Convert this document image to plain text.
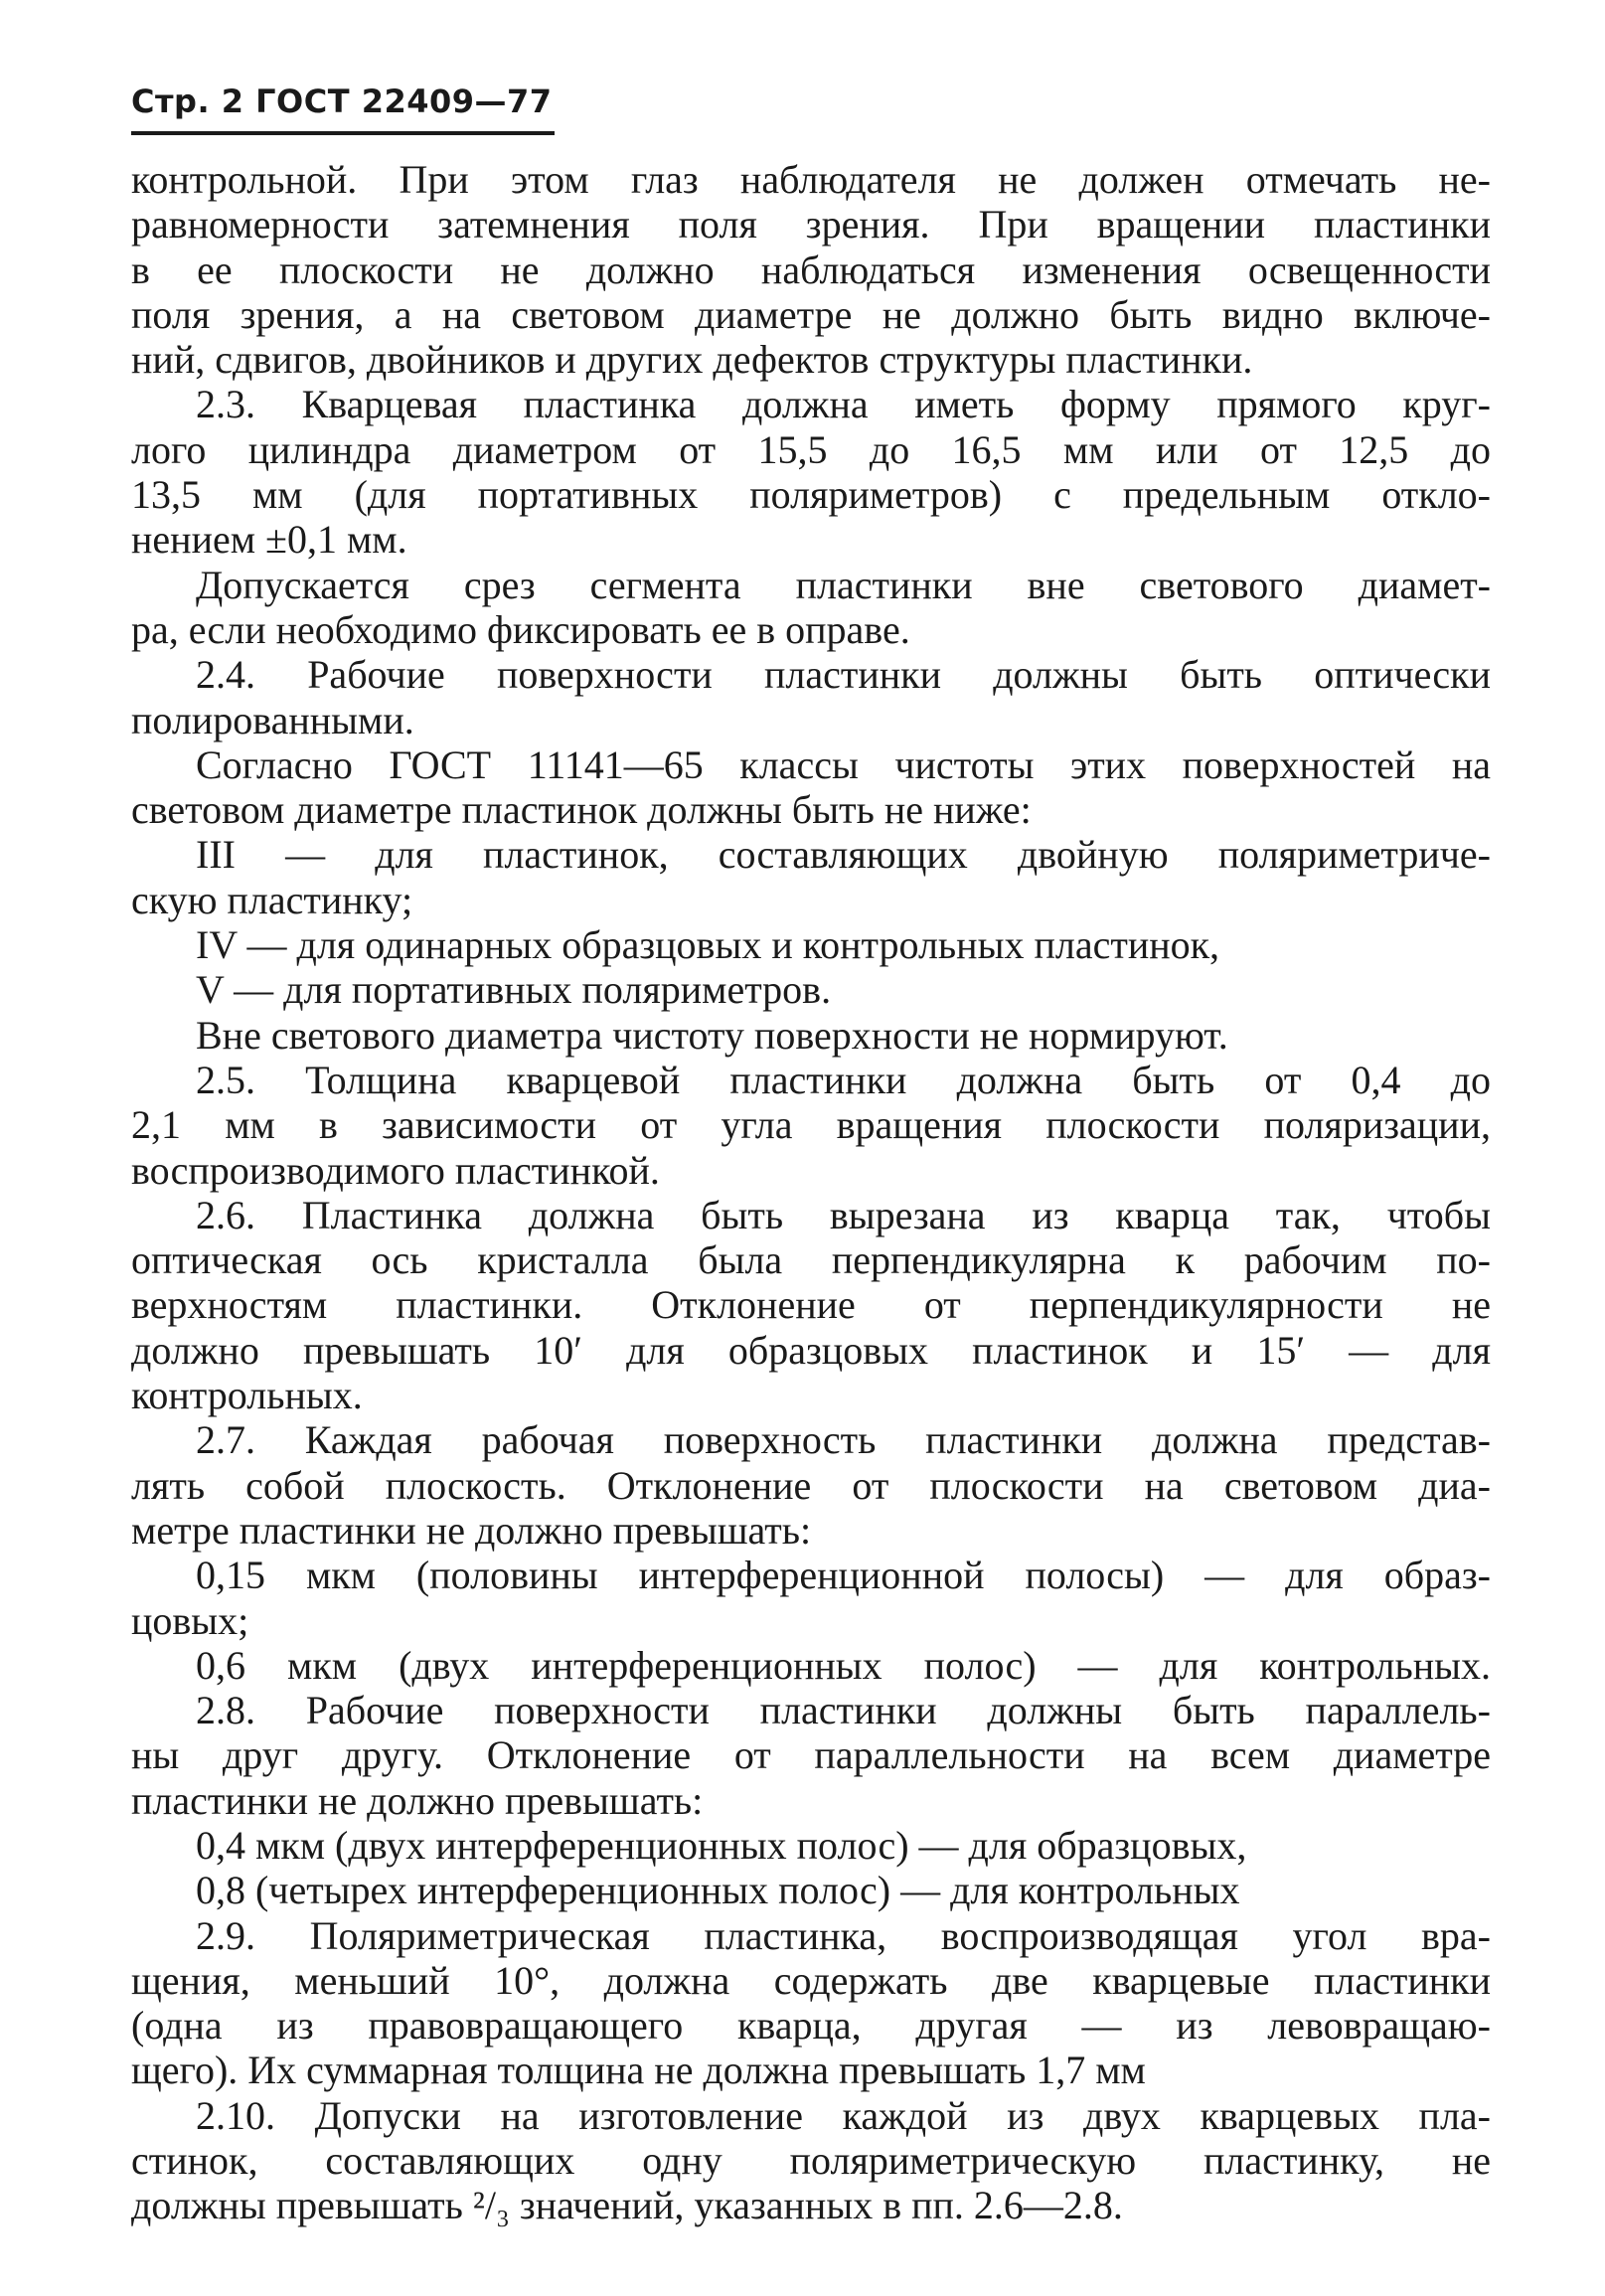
Стр. 2 ГОСТ 22409—77
контрольной. При этом глаз наблюдателя не должен отмечать не-
равномерности затемнения поля зрения. При вращении пластинки
в ее плоскости не должно наблюдаться изменения освещенности
поля зрения, а на световом диаметре не должно быть видно включе-
ний, сдвигов, двойников и других дефектов структуры пластинки.
2.3. Кварцевая пластинка должна иметь форму прямого круг-
лого цилиндра диаметром от 15,5 до 16,5 мм или от 12,5 до
13,5 мм (для портативных поляриметров) с предельным откло-
нением ±0,1 мм.
Допускается срез сегмента пластинки вне светового диамет-
ра, если необходимо фиксировать ее в оправе.
2.4. Рабочие поверхности пластинки должны быть оптически
полированными.
Согласно ГОСТ 11141—65 классы чистоты этих поверхностей на
световом диаметре пластинок должны быть не ниже:
III — для пластинок, составляющих двойную поляриметриче-
скую пластинку;
IV — для одинарных образцовых и контрольных пластинок,
V — для портативных поляриметров.
Вне светового диаметра чистоту поверхности не нормируют.
2.5. Толщина кварцевой пластинки должна быть от 0,4 до
2,1 мм в зависимости от угла вращения плоскости поляризации,
воспроизводимого пластинкой.
2.6. Пластинка должна быть вырезана из кварца так, чтобы
оптическая ось кристалла была перпендикулярна к рабочим по-
верхностям пластинки. Отклонение от перпендикулярности не
должно превышать 10′ для образцовых пластинок и 15′ — для
контрольных.
2.7. Каждая рабочая поверхность пластинки должна представ-
лять собой плоскость. Отклонение от плоскости на световом диа-
метре пластинки не должно превышать:
0,15 мкм (половины интерференционной полосы) — для образ-
цовых;
0,6 мкм (двух интерференционных полос) — для контрольных.
2.8. Рабочие поверхности пластинки должны быть параллель-
ны друг другу. Отклонение от параллельности на всем диаметре
пластинки не должно превышать:
0,4 мкм (двух интерференционных полос) — для образцовых,
0,8 (четырех интерференционных полос) — для контрольных
2.9. Поляриметрическая пластинка, воспроизводящая угол вра-
щения, меньший 10°, должна содержать две кварцевые пластинки
(одна из правовращающего кварца, другая — из левовращаю-
щего). Их суммарная толщина не должна превышать 1,7 мм
2.10. Допуски на изготовление каждой из двух кварцевых пла-
стинок, составляющих одну поляриметрическую пластинку, не
должны превышать ²/₃ значений, указанных в пп. 2.6—2.8.
